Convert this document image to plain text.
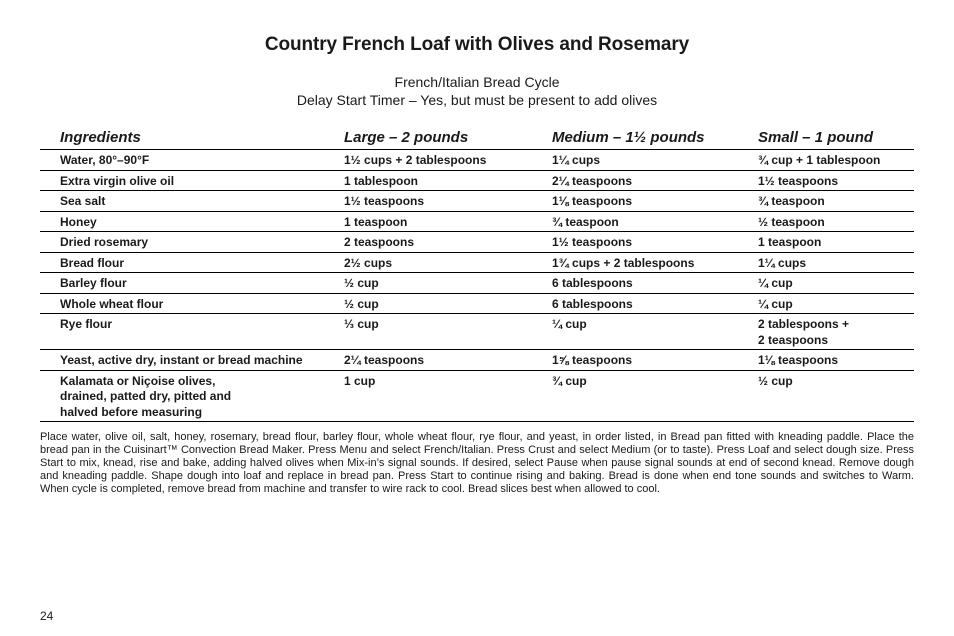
Country French Loaf with Olives and Rosemary
French/Italian Bread Cycle
Delay Start Timer – Yes, but must be present to add olives
Ingredients	Large – 2 pounds	Medium – 1½ pounds	Small – 1 pound
Water, 80°–90°F	1½ cups + 2 tablespoons	1¼ cups	¾ cup + 1 tablespoon
Extra virgin olive oil	1 tablespoon	2¼ teaspoons	1½ teaspoons
Sea salt	1½ teaspoons	1⅛ teaspoons	¾ teaspoon
Honey	1 teaspoon	¾ teaspoon	½ teaspoon
Dried rosemary	2 teaspoons	1½ teaspoons	1 teaspoon
Bread flour	2½ cups	1¾ cups + 2 tablespoons	1¼ cups
Barley flour	½ cup	6 tablespoons	¼ cup
Whole wheat flour	½ cup	6 tablespoons	¼ cup
Rye flour	⅓ cup	¼ cup	2 tablespoons +
2 teaspoons
Yeast, active dry, instant or bread machine	2¼ teaspoons	1⅝ teaspoons	1⅛ teaspoons
Kalamata or Niçoise olives,
drained, patted dry, pitted and
halved before measuring	1 cup	¾ cup	½ cup

Place water, olive oil, salt, honey, rosemary, bread flour, barley flour, whole wheat flour, rye flour, and yeast, in order listed, in Bread pan fitted with kneading paddle. Place the bread pan in the Cuisinart™ Convection Bread Maker. Press Menu and select French/Italian. Press Crust and select Medium (or to taste). Press Loaf and select dough size. Press Start to mix, knead, rise and bake, adding halved olives when Mix-in’s signal sounds. If desired, select Pause when pause signal sounds at end of second knead. Remove dough and kneading paddle. Shape dough into loaf and replace in bread pan. Press Start to continue rising and baking. Bread is done when end tone sounds and switches to Warm. When cycle is completed, remove bread from machine and transfer to wire rack to cool. Bread slices best when allowed to cool.

24
